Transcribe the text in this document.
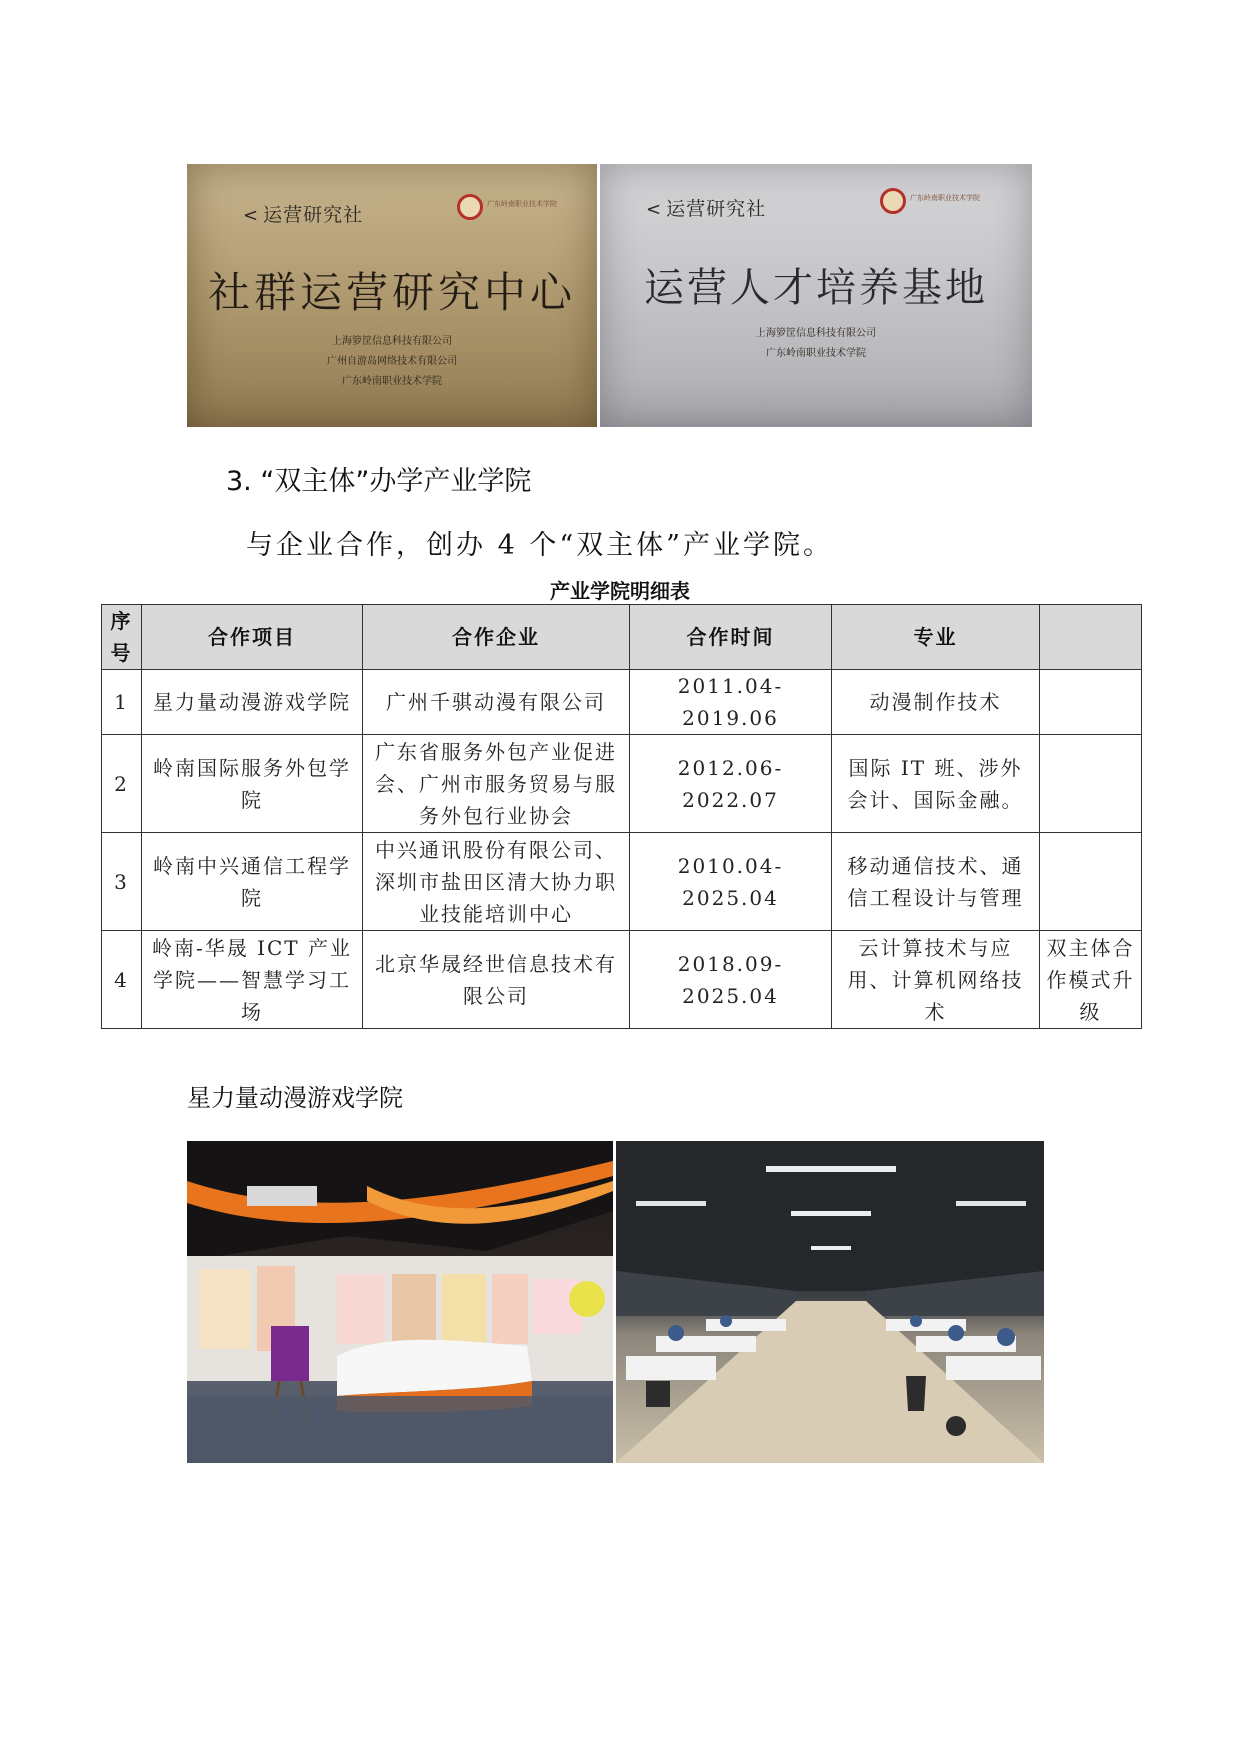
< 运营研究社	广东岭南职业技术学院
社群运营研究中心
上海箩筐信息科技有限公司
广州自游岛网络技术有限公司
广东岭南职业技术学院
< 运营研究社	广东岭南职业技术学院
运营人才培养基地
上海箩筐信息科技有限公司
广东岭南职业技术学院
3. “双主体”办学产业学院
与企业合作，创办 4 个“双主体”产业学院。
产业学院明细表
序号	合作项目	合作企业	合作时间	专业	
1	星力量动漫游戏学院	广州千骐动漫有限公司	2011.04-2019.06	动漫制作技术	
2	岭南国际服务外包学院	广东省服务外包产业促进会、广州市服务贸易与服务外包行业协会	2012.06-2022.07	国际 IT 班、涉外会计、国际金融。	
3	岭南中兴通信工程学院	中兴通讯股份有限公司、深圳市盐田区清大协力职业技能培训中心	2010.04-2025.04	移动通信技术、通信工程设计与管理	
4	岭南-华晟 ICT 产业学院——智慧学习工场	北京华晟经世信息技术有限公司	2018.09-2025.04	云计算技术与应用、计算机网络技术	双主体合作模式升级
星力量动漫游戏学院
